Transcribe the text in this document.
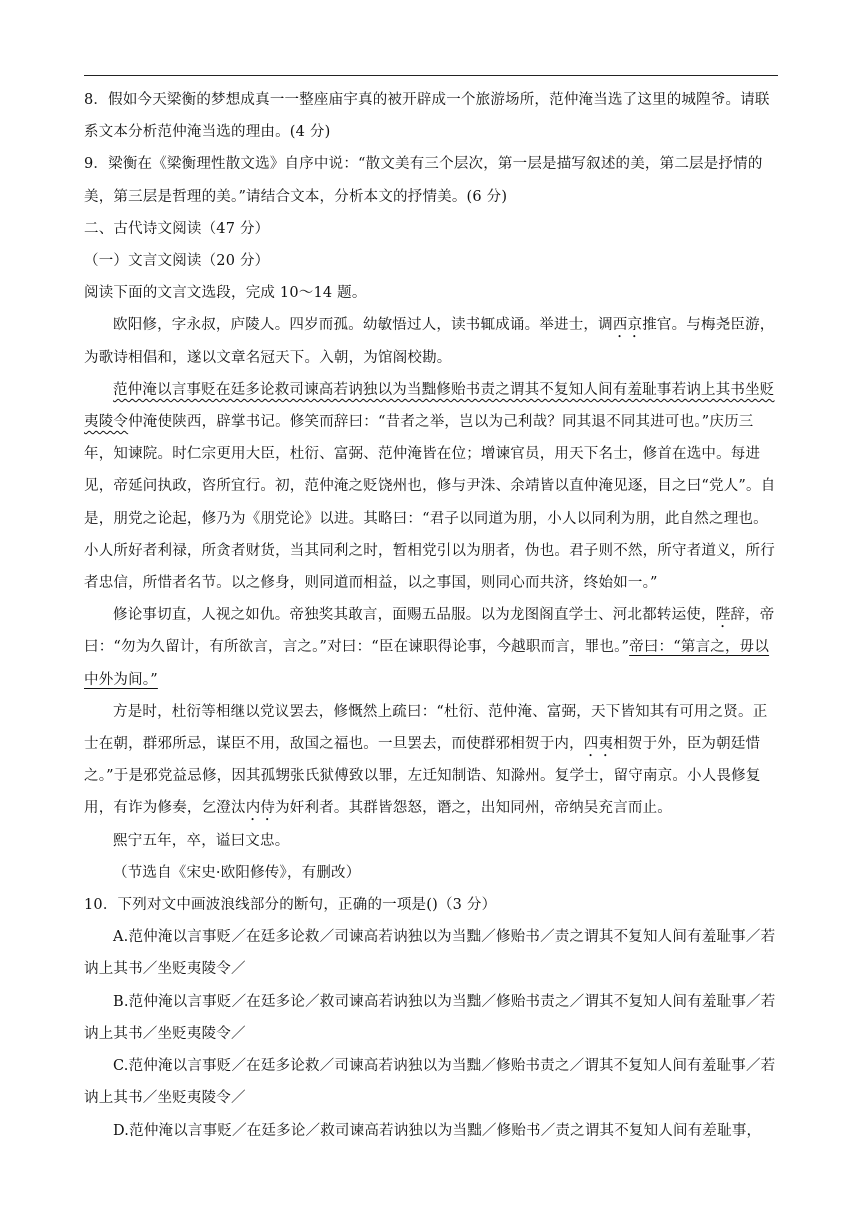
8．假如今天梁衡的梦想成真一一整座庙宇真的被开辟成一个旅游场所，范仲淹当选了这里的城隍爷。请联系文本分析范仲淹当选的理由。(4 分)

9．梁衡在《梁衡理性散文选》自序中说：“散文美有三个层次，第一层是描写叙述的美，第二层是抒情的美，第三层是哲理的美。”请结合文本，分析本文的抒情美。(6 分)

二、古代诗文阅读（47 分）

（一）文言文阅读（20 分）

阅读下面的文言文选段，完成 10～14 题。

欧阳修，字永叔，庐陵人。四岁而孤。幼敏悟过人，读书辄成诵。举进士，调西京推官。与梅尧臣游，为歌诗相倡和，遂以文章名冠天下。入朝，为馆阁校勘。

范仲淹以言事贬在廷多论救司谏高若讷独以为当黜修贻书责之谓其不复知人间有羞耻事若讷上其书坐贬夷陵令仲淹使陕西，辟掌书记。修笑而辞曰：“昔者之举，岂以为己利哉？同其退不同其进可也。”庆历三年，知谏院。时仁宗更用大臣，杜衍、富弼、范仲淹皆在位；增谏官员，用天下名士，修首在选中。每进见，帝延问执政，咨所宜行。初，范仲淹之贬饶州也，修与尹洙、余靖皆以直仲淹见逐，目之曰“党人”。自是，朋党之论起，修乃为《朋党论》以进。其略曰：“君子以同道为朋，小人以同利为朋，此自然之理也。小人所好者利禄，所贪者财货，当其同利之时，暂相党引以为朋者，伪也。君子则不然，所守者道义，所行者忠信，所惜者名节。以之修身，则同道而相益，以之事国，则同心而共济，终始如一。”

修论事切直，人视之如仇。帝独奖其敢言，面赐五品服。以为龙图阁直学士、河北都转运使，陛辞，帝曰：“勿为久留计，有所欲言，言之。”对曰：“臣在谏职得论事，今越职而言，罪也。”帝曰：“第言之，毋以中外为间。”

方是时，杜衍等相继以党议罢去，修慨然上疏曰：“杜衍、范仲淹、富弼，天下皆知其有可用之贤。正士在朝，群邪所忌，谋臣不用，敌国之福也。一旦罢去，而使群邪相贺于内，四夷相贺于外，臣为朝廷惜之。”于是邪党益忌修，因其孤甥张氏狱傅致以罪，左迁知制诰、知滁州。复学士，留守南京。小人畏修复用，有诈为修奏，乞澄汰内侍为奸利者。其群皆怨怒，谮之，出知同州，帝纳吴充言而止。

熙宁五年，卒，谥曰文忠。

（节选自《宋史·欧阳修传》，有删改）

10．下列对文中画波浪线部分的断句，正确的一项是()（3 分）

A.范仲淹以言事贬／在廷多论救／司谏高若讷独以为当黜／修贻书／责之谓其不复知人间有羞耻事／若讷上其书／坐贬夷陵令／

B.范仲淹以言事贬／在廷多论／救司谏高若讷独以为当黜／修贻书责之／谓其不复知人间有羞耻事／若讷上其书／坐贬夷陵令／

C.范仲淹以言事贬／在廷多论救／司谏高若讷独以为当黜／修贻书责之／谓其不复知人间有羞耻事／若讷上其书／坐贬夷陵令／

D.范仲淹以言事贬／在廷多论／救司谏高若讷独以为当黜／修贻书／责之谓其不复知人间有差耻事，
